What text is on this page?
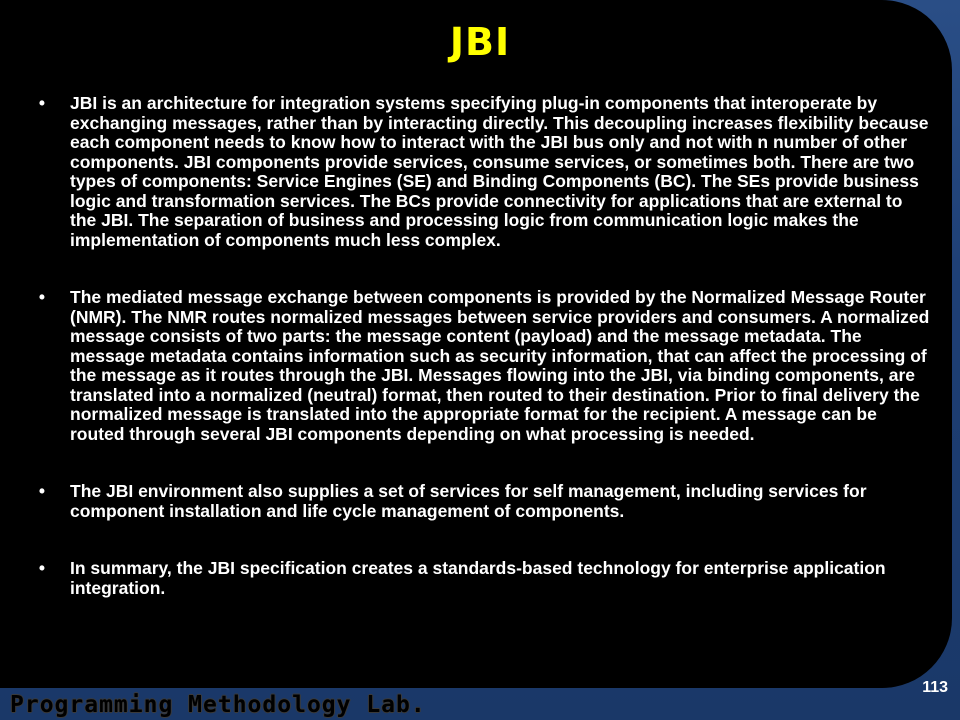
JBI
•	JBI is an architecture for integration systems specifying plug-in components that interoperate by exchanging messages, rather than by interacting directly. This decoupling increases flexibility because each component needs to know how to interact with the JBI bus only and not with n number of other components. JBI components provide services, consume services, or sometimes both. There are two types of components: Service Engines (SE) and Binding Components (BC). The SEs provide business logic and transformation services. The BCs provide connectivity for applications that are external to the JBI. The separation of business and processing logic from communication logic makes the implementation of components much less complex.
•	The mediated message exchange between components is provided by the Normalized Message Router (NMR). The NMR routes normalized messages between service providers and consumers. A normalized message consists of two parts: the message content (payload) and the message metadata. The message metadata contains information such as security information, that can affect the processing of the message as it routes through the JBI. Messages flowing into the JBI, via binding components, are translated into a normalized (neutral) format, then routed to their destination. Prior to final delivery the normalized message is translated into the appropriate format for the recipient. A message can be routed through several JBI components depending on what processing is needed.
•	The JBI environment also supplies a set of services for self management, including services for component installation and life cycle management of components.
•	In summary, the JBI specification creates a standards-based technology for enterprise application integration.
113
Programming Methodology Lab.
